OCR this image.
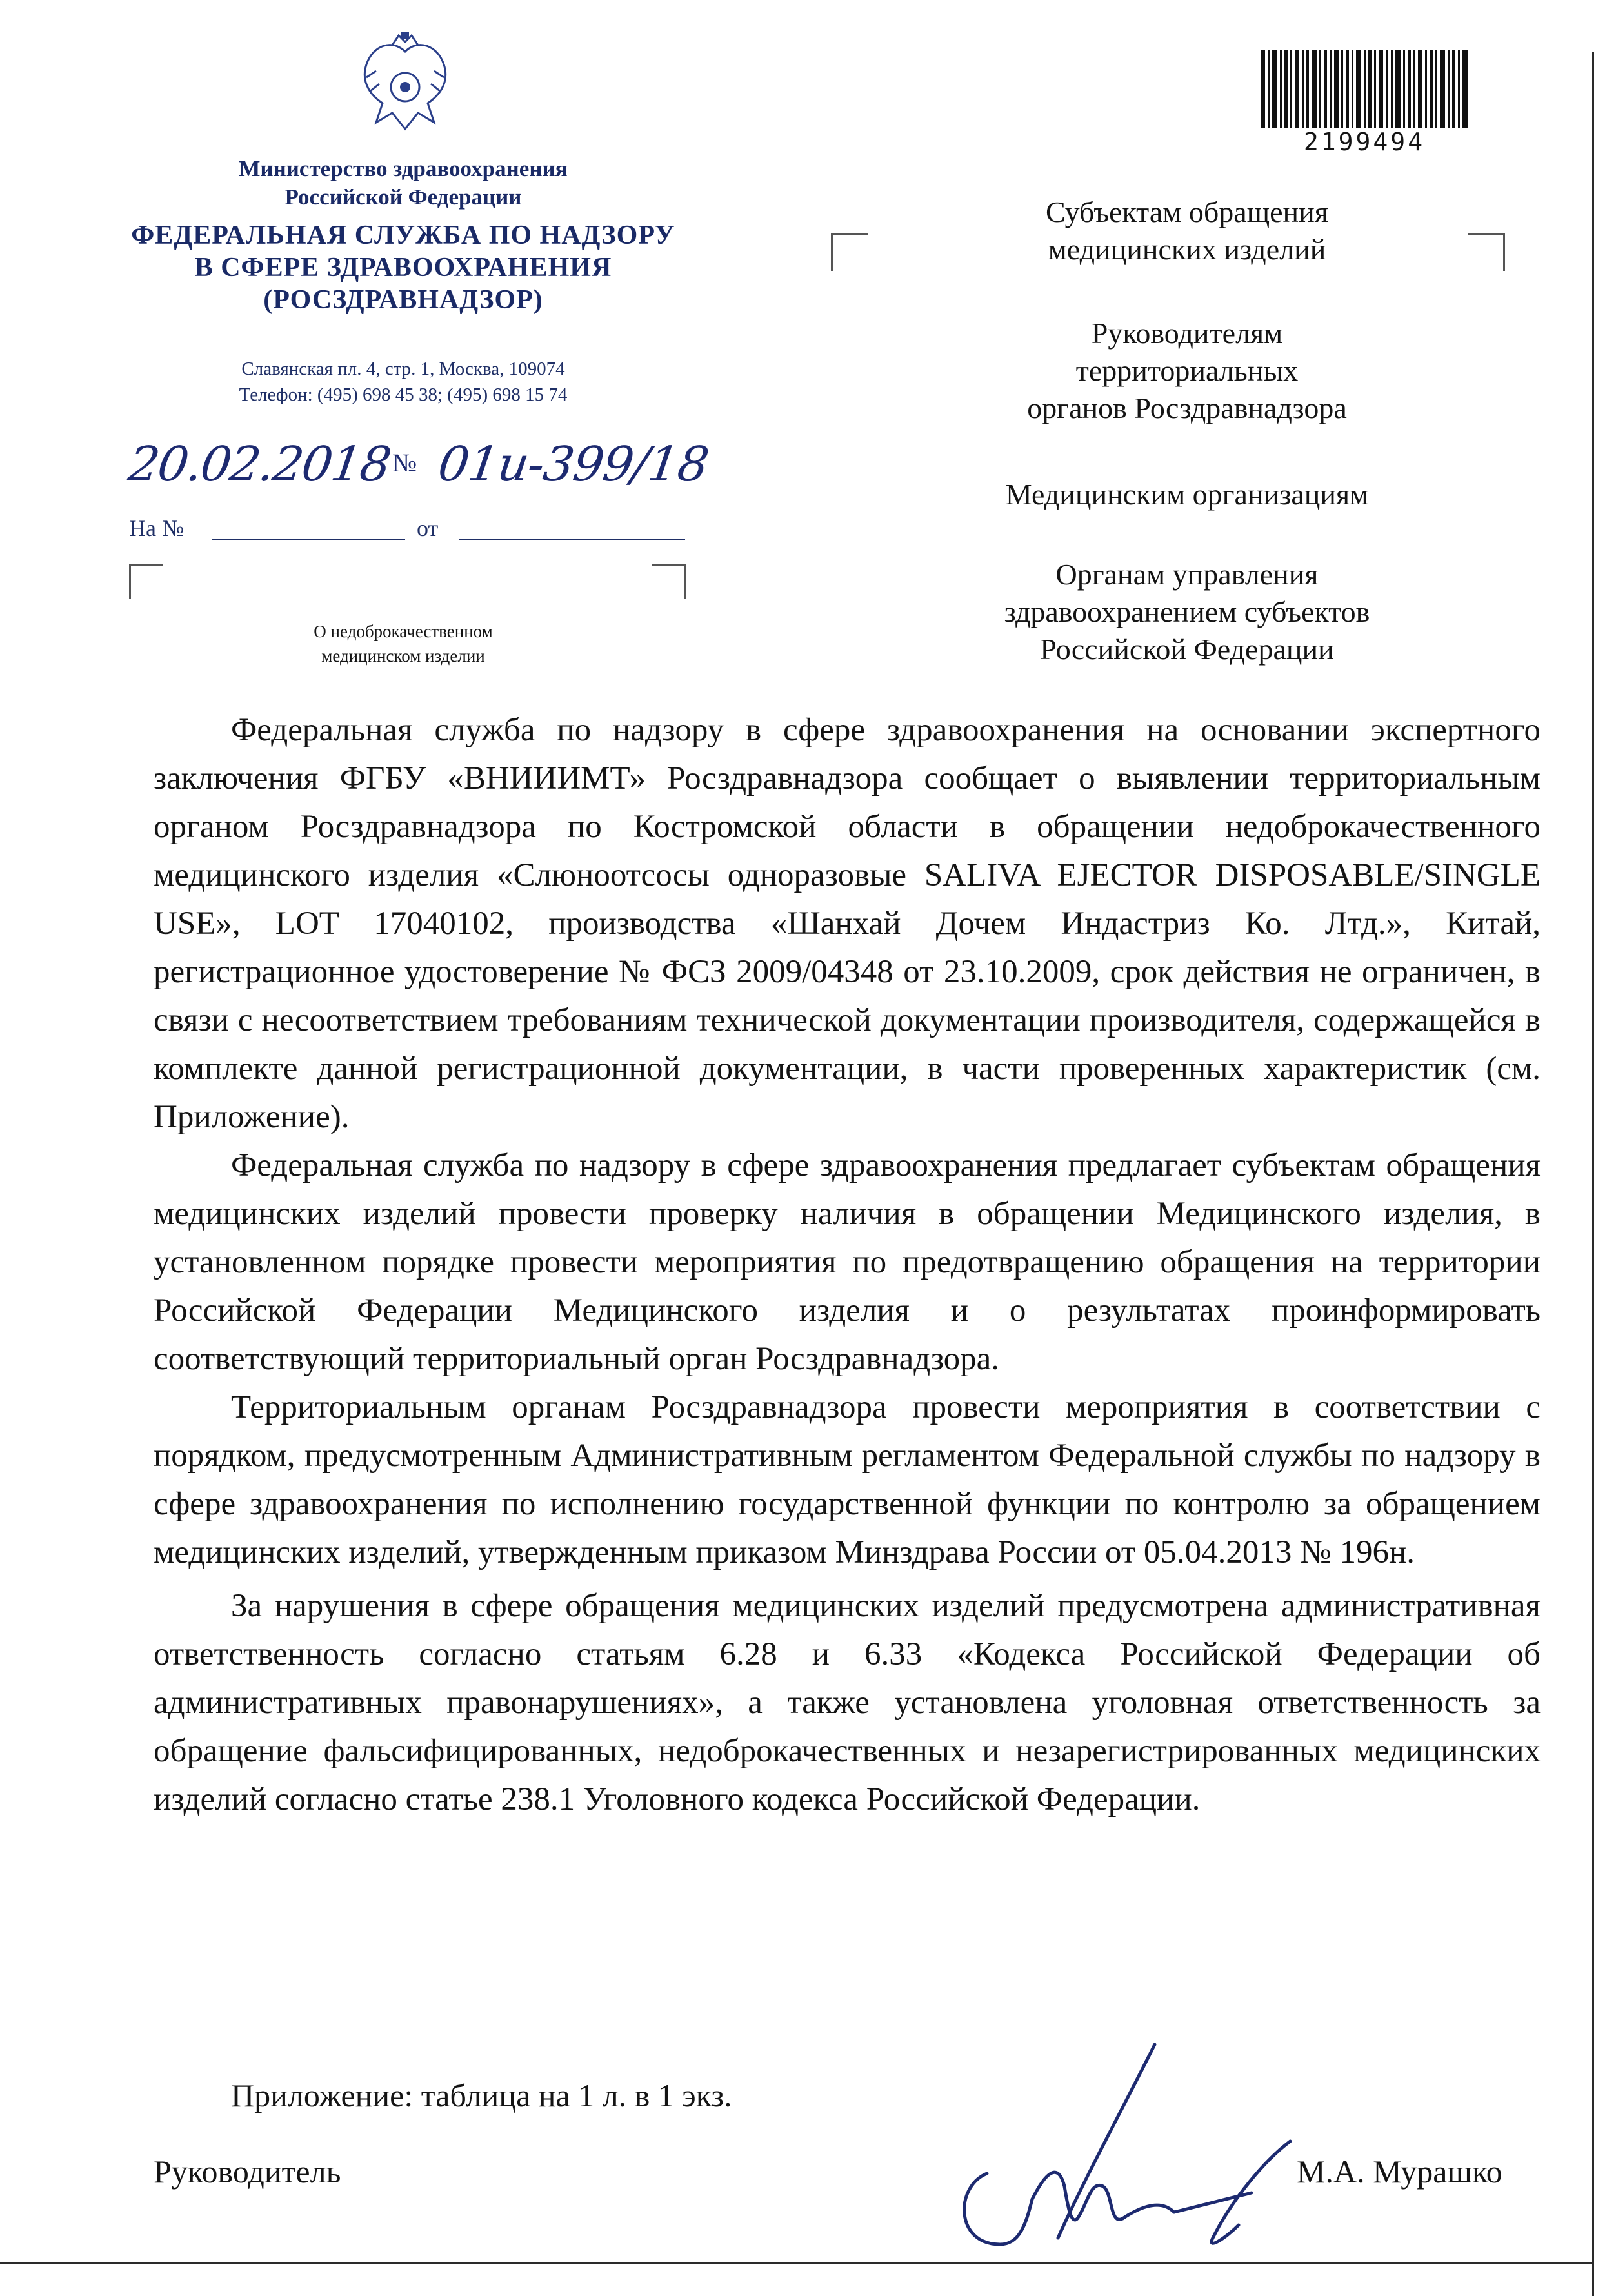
Министерство здравоохранения
Российской Федерации
ФЕДЕРАЛЬНАЯ СЛУЖБА ПО НАДЗОРУ
В СФЕРЕ ЗДРАВООХРАНЕНИЯ
(РОСЗДРАВНАДЗОР)
Славянская пл. 4, стр. 1, Москва, 109074
Телефон: (495) 698 45 38; (495) 698 15 74
20.02.2018
№ 01и-399/18
На №	от
О недоброкачественном
медицинском изделии
2199494
Субъектам обращения
медицинских изделий
Руководителям
территориальных
органов Росздравнадзора
Медицинским организациям
Органам управления
здравоохранением субъектов
Российской Федерации

Федеральная служба по надзору в сфере здравоохранения на основании экспертного заключения ФГБУ «ВНИИИМТ» Росздравнадзора сообщает о выявлении территориальным органом Росздравнадзора по Костромской области в обращении недоброкачественного медицинского изделия «Слюноотсосы одноразовые SALIVA EJECTOR DISPOSABLE/SINGLE USE», LOT 17040102, производства «Шанхай Дочем Индастриз Ко. Лтд.», Китай, регистрационное удостоверение № ФСЗ 2009/04348 от 23.10.2009, срок действия не ограничен, в связи с несоответствием требованиям технической документации производителя, содержащейся в комплекте данной регистрационной документации, в части проверенных характеристик (см. Приложение).

Федеральная служба по надзору в сфере здравоохранения предлагает субъектам обращения медицинских изделий провести проверку наличия в обращении Медицинского изделия, в установленном порядке провести мероприятия по предотвращению обращения на территории Российской Федерации Медицинского изделия и о результатах проинформировать соответствующий территориальный орган Росздравнадзора.

Территориальным органам Росздравнадзора провести мероприятия в соответствии с порядком, предусмотренным Административным регламентом Федеральной службы по надзору в сфере здравоохранения по исполнению государственной функции по контролю за обращением медицинских изделий, утвержденным приказом Минздрава России от 05.04.2013 № 196н.

За нарушения в сфере обращения медицинских изделий предусмотрена административная ответственность согласно статьям 6.28 и 6.33 «Кодекса Российской Федерации об административных правонарушениях», а также установлена уголовная ответственность за обращение фальсифицированных, недоброкачественных и незарегистрированных медицинских изделий согласно статье 238.1 Уголовного кодекса Российской Федерации.

Приложение: таблица на 1 л. в 1 экз.
Руководитель	М.А. Мурашко
